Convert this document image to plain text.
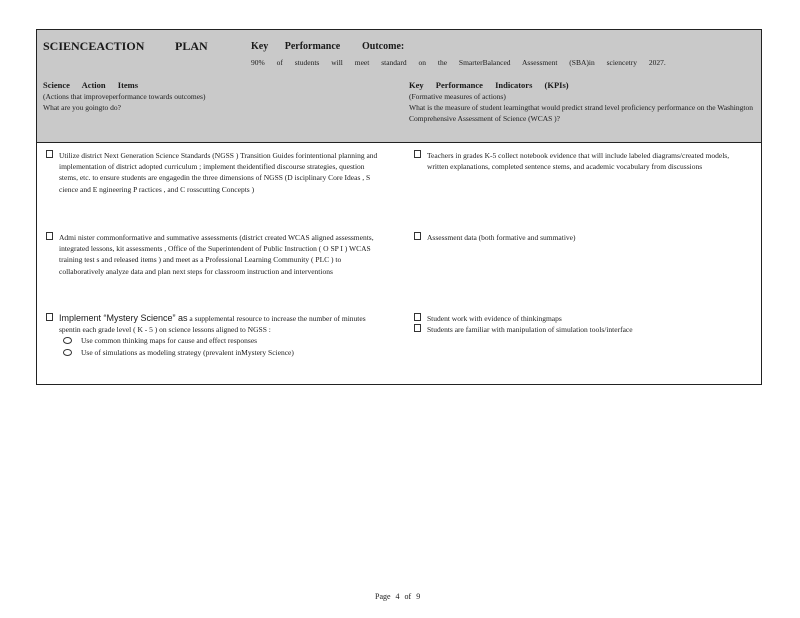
SCIENCEACTION	PLAN	Key Performance Outcome:
90% of students will meet standard on the SmarterBalanced Assessment (SBA)in sciencetry 2027.
Science Action Items
(Actions that improveperformance towards outcomes)
What are you goingto do?
Key Performance Indicators (KPIs)
(Formative measures of actions)
What is the measure of student learningthat would predict strand level proficiency performance on the Washington Comprehensive Assessment of Science (WCAS )?
Utilize district Next Generation Science Standards (NGSS ) Transition Guides forintentional planning and implementation of district adopted curriculum ; implement theidentified discourse strategies, question stems, etc. to ensure students are engagedin the three dimensions of NGSS (D isciplinary Core Ideas , S cience and E ngineering P ractices , and C rosscutting Concepts )
Teachers in grades K-5 collect notebook evidence that will include labeled diagrams/created models, written explanations, completed sentence stems, and academic vocabulary from discussions
Admi nister commonformative and summative assessments (district created WCAS aligned assessments, integrated lessons, kit assessments , Office of the Superintendent of Public Instruction ( O SP I ) WCAS training test s and released items ) and meet as a Professional Learning Community ( PLC ) to collaboratively analyze data and plan next steps for classroom instruction and interventions
Assessment data (both formative and summative)
Implement “Mystery Science” as a supplemental resource to increase the number of minutes spentin each grade level ( K - 5 ) on science lessons aligned to NGSS :
Use common thinking maps for cause and effect responses
Use of simulations as modeling strategy (prevalent inMystery Science)
Student work with evidence of thinkingmaps
Students are familiar with manipulation of simulation tools/interface
Page 4 of 9
